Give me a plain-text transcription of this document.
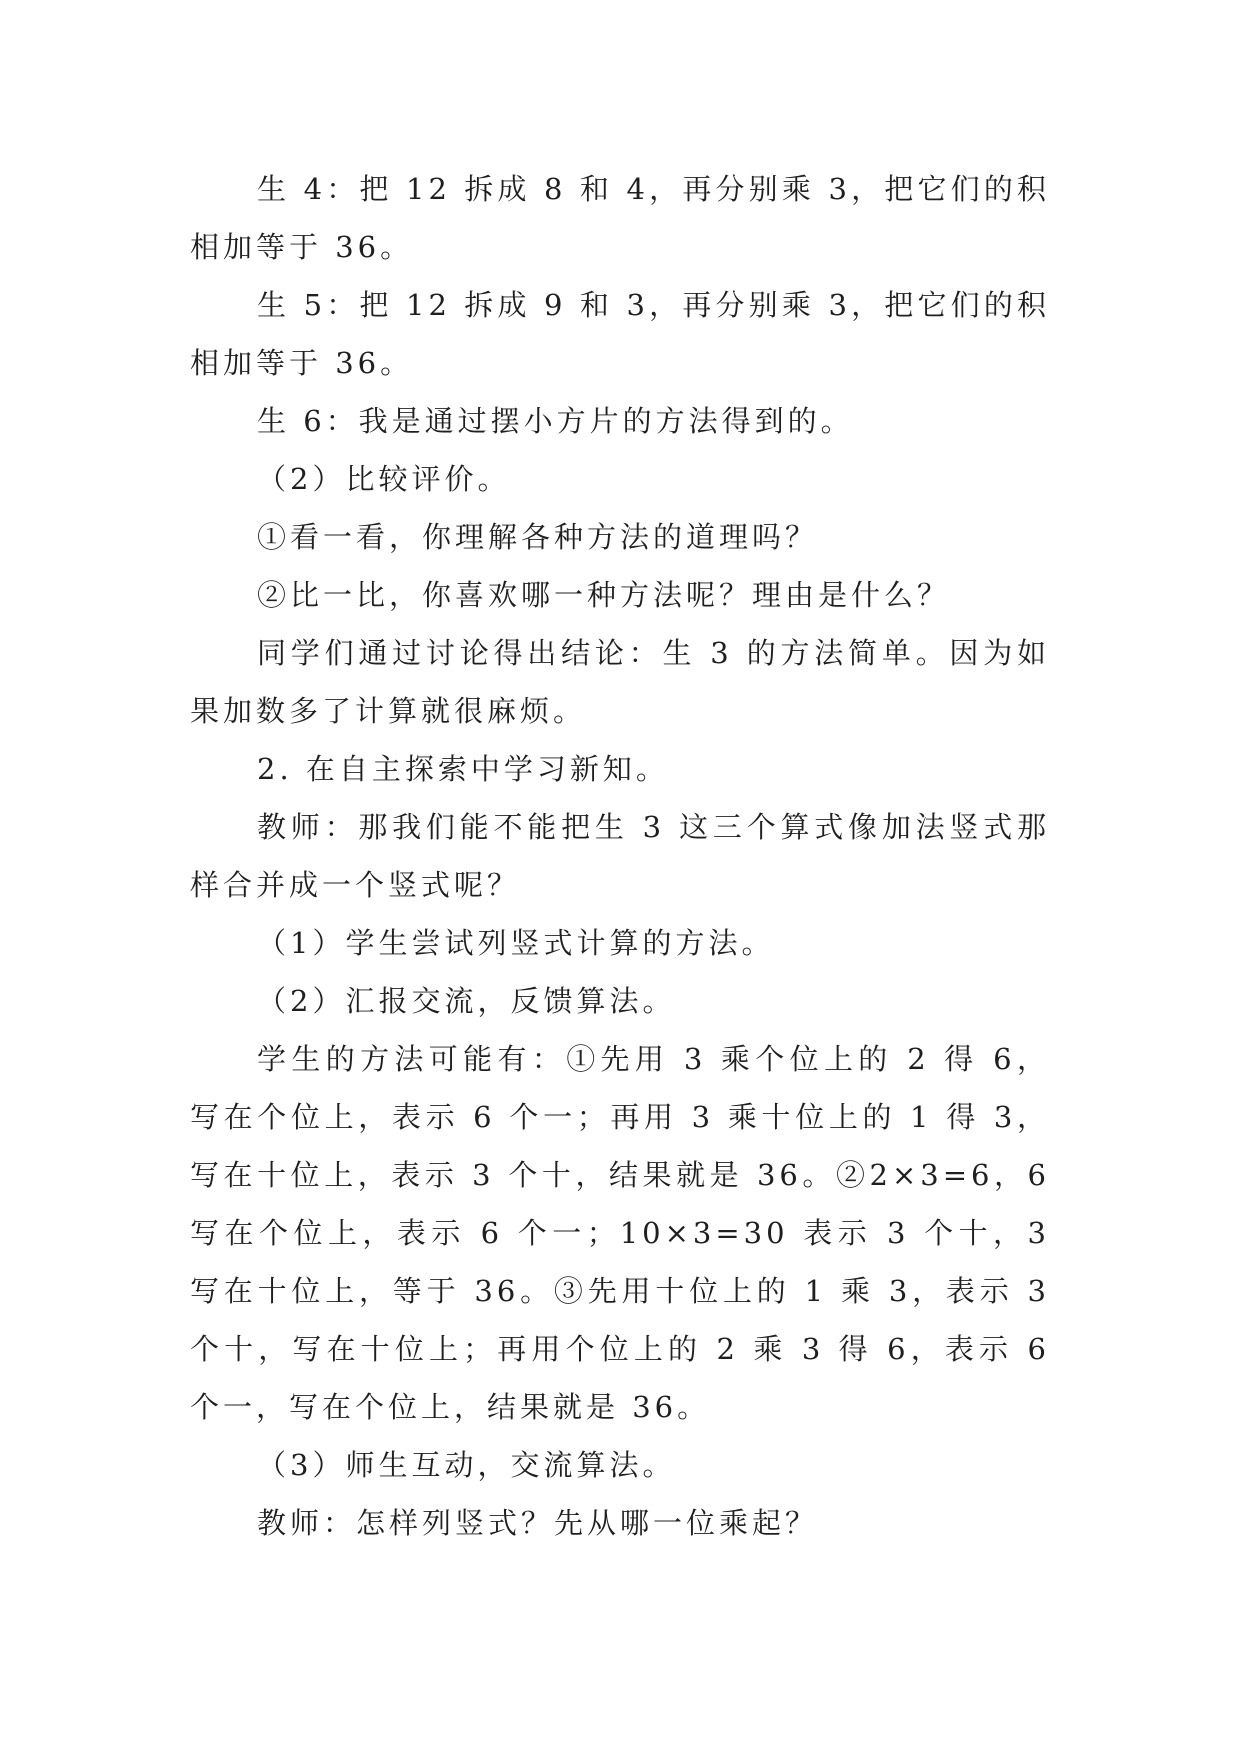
生 4：把 12 拆成 8 和 4，再分别乘 3，把它们的积相加等于 36。

生 5：把 12 拆成 9 和 3，再分别乘 3，把它们的积相加等于 36。

生 6：我是通过摆小方片的方法得到的。

（2）比较评价。

①看一看，你理解各种方法的道理吗？

②比一比，你喜欢哪一种方法呢？理由是什么？

同学们通过讨论得出结论：生 3 的方法简单。因为如果加数多了计算就很麻烦。

2. 在自主探索中学习新知。

教师：那我们能不能把生 3 这三个算式像加法竖式那样合并成一个竖式呢？

（1）学生尝试列竖式计算的方法。

（2）汇报交流，反馈算法。

学生的方法可能有：①先用 3 乘个位上的 2 得 6，写在个位上，表示 6 个一；再用 3 乘十位上的 1 得 3，写在十位上，表示 3 个十，结果就是 36。②2×3=6，6 写在个位上，表示 6 个一；10×3=30 表示 3 个十，3 写在十位上，等于 36。③先用十位上的 1 乘 3，表示 3 个十，写在十位上；再用个位上的 2 乘 3 得 6，表示 6 个一，写在个位上，结果就是 36。

（3）师生互动，交流算法。

教师：怎样列竖式？先从哪一位乘起？
